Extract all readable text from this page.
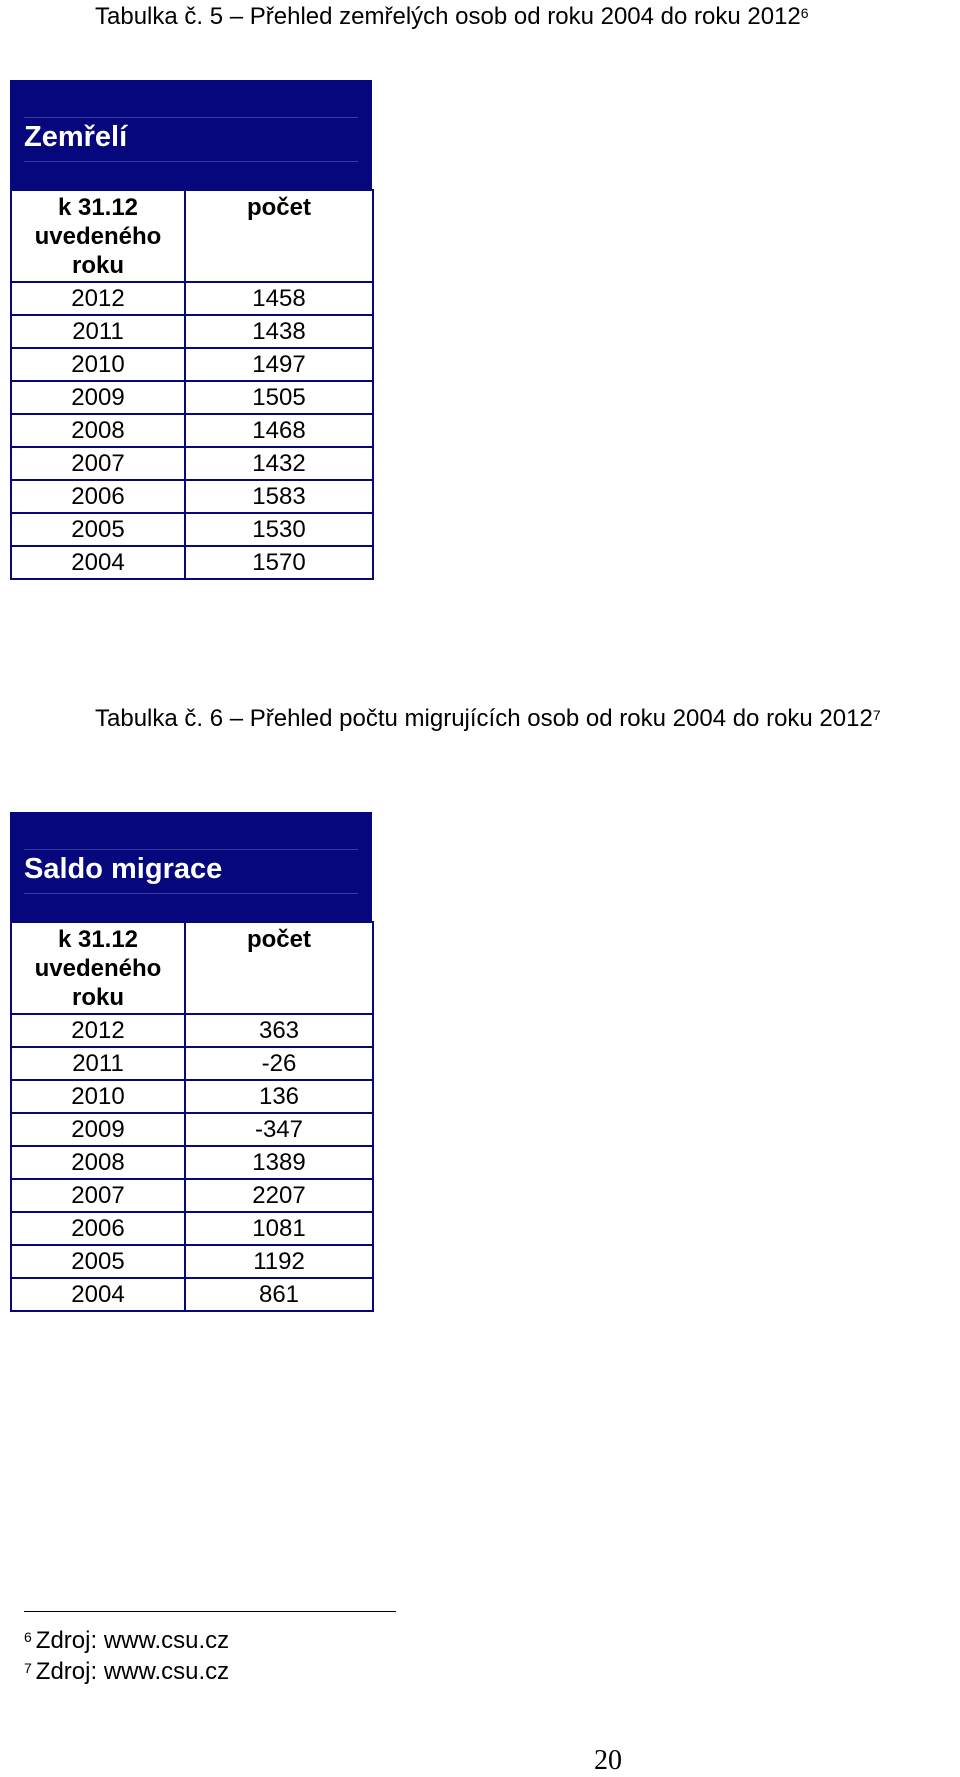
Tabulka č. 5 – Přehled zemřelých osob od roku 2004 do roku 2012$^6$
Zemřelí
k 31.12
uvedeného
roku	počet
2012	1458
2011	1438
2010	1497
2009	1505
2008	1468
2007	1432
2006	1583
2005	1530
2004	1570
Tabulka č. 6 – Přehled počtu migrujících osob od roku 2004 do roku 2012$^7$
Saldo migrace
k 31.12
uvedeného
roku	počet
2012	363
2011	-26
2010	136
2009	-347
2008	1389
2007	2207
2006	1081
2005	1192
2004	861
$^6$ Zdroj: www.csu.cz
$^7$ Zdroj: www.csu.cz
20
